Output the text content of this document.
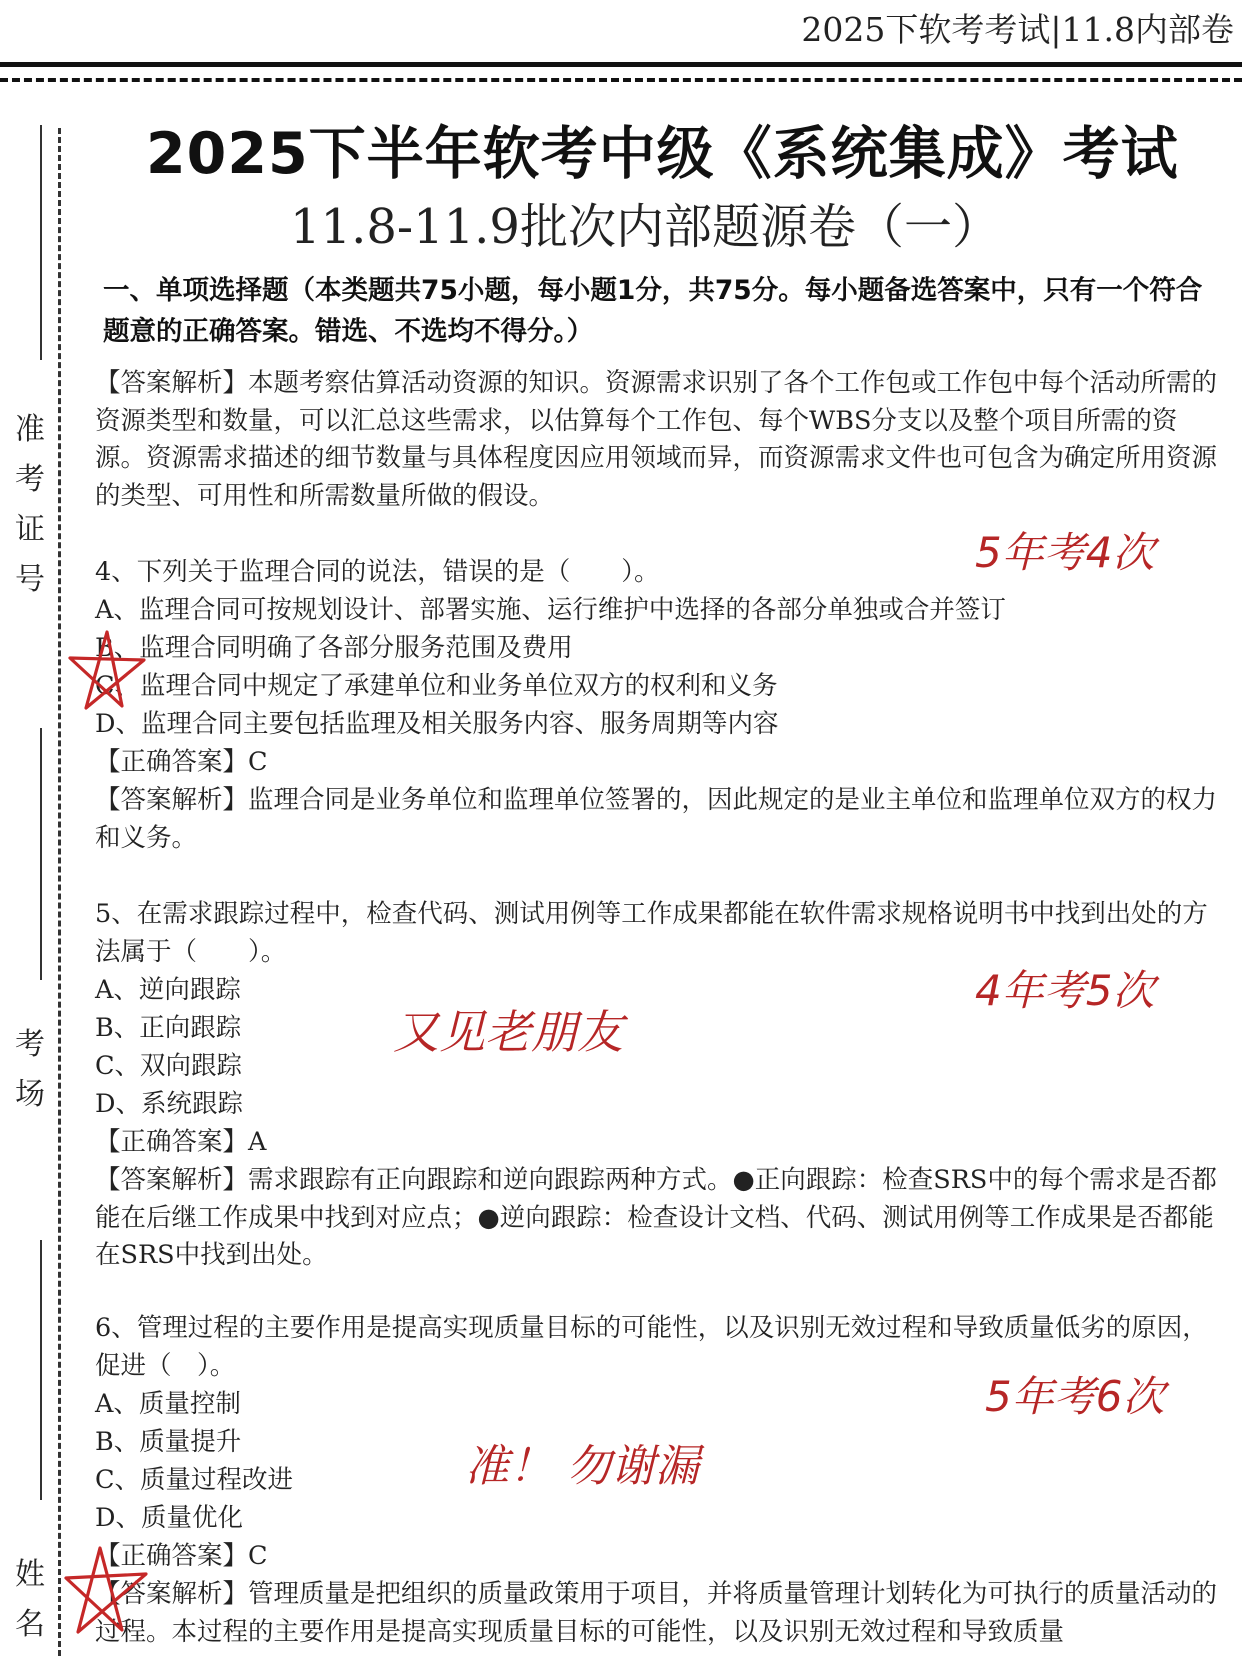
2025下软考考试|11.8内部卷
准考证号
考场
姓名
2025下半年软考中级《系统集成》考试
11.8-11.9批次内部题源卷（一）
一、单项选择题（本类题共75小题，每小题1分，共75分。每小题备选答案中，只有一个符合题意的正确答案。错选、不选均不得分。）
【答案解析】本题考察估算活动资源的知识。资源需求识别了各个工作包或工作包中每个活动所需的资源类型和数量，可以汇总这些需求，以估算每个工作包、每个WBS分支以及整个项目所需的资源。资源需求描述的细节数量与具体程度因应用领域而异，而资源需求文件也可包含为确定所用资源的类型、可用性和所需数量所做的假设。
4、下列关于监理合同的说法，错误的是（　　）。
A、监理合同可按规划设计、部署实施、运行维护中选择的各部分单独或合并签订
B、监理合同明确了各部分服务范围及费用
C、监理合同中规定了承建单位和业务单位双方的权利和义务
D、监理合同主要包括监理及相关服务内容、服务周期等内容
【正确答案】C
【答案解析】监理合同是业务单位和监理单位签署的，因此规定的是业主单位和监理单位双方的权力和义务。
5、在需求跟踪过程中，检查代码、测试用例等工作成果都能在软件需求规格说明书中找到出处的方法属于（　　）。
A、逆向跟踪
B、正向跟踪
C、双向跟踪
D、系统跟踪
【正确答案】A
【答案解析】需求跟踪有正向跟踪和逆向跟踪两种方式。●正向跟踪：检查SRS中的每个需求是否都能在后继工作成果中找到对应点；●逆向跟踪：检查设计文档、代码、测试用例等工作成果是否都能在SRS中找到出处。
6、管理过程的主要作用是提高实现质量目标的可能性，以及识别无效过程和导致质量低劣的原因，促进（　）。
A、质量控制
B、质量提升
C、质量过程改进
D、质量优化
【正确答案】C
【答案解析】管理质量是把组织的质量政策用于项目，并将质量管理计划转化为可执行的质量活动的过程。本过程的主要作用是提高实现质量目标的可能性，以及识别无效过程和导致质量
5年考4次
4年考5次
又见老朋友
5年考6次
准！ 勿谢漏
